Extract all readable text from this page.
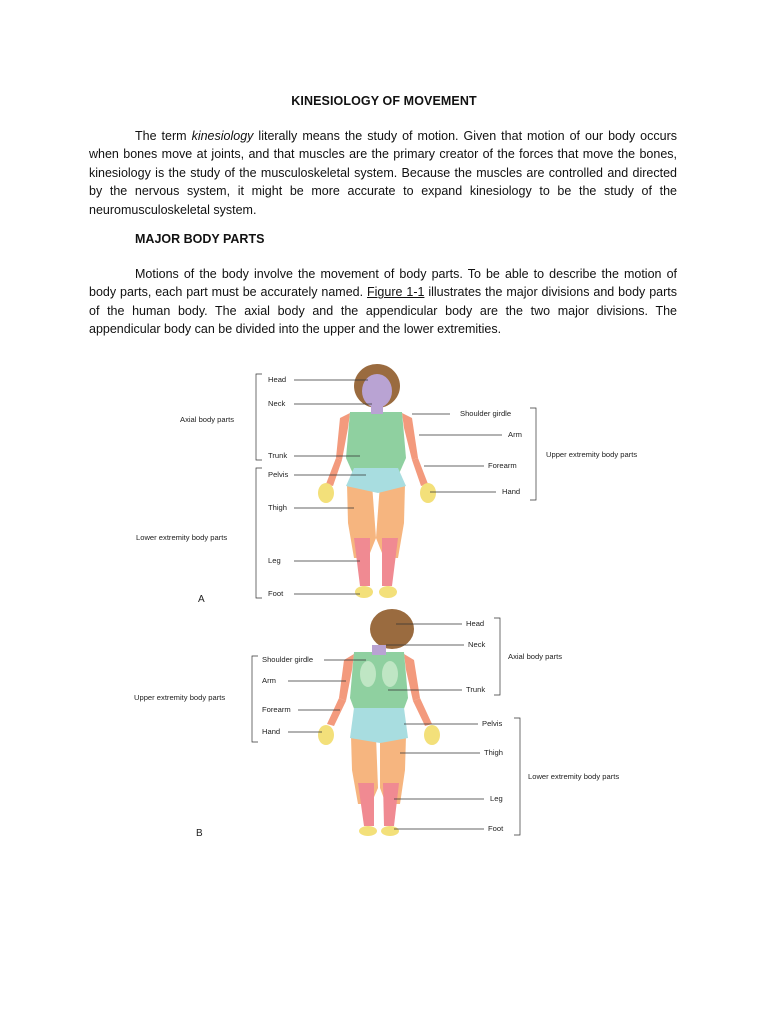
KINESIOLOGY OF MOVEMENT

The term kinesiology literally means the study of motion. Given that motion of our body occurs when bones move at joints, and that muscles are the primary creator of the forces that move the bones, kinesiology is the study of the musculoskeletal system. Because the muscles are controlled and directed by the nervous system, it might be more accurate to expand kinesiology to be the study of the neuromusculoskeletal system.

MAJOR BODY PARTS

Motions of the body involve the movement of body parts. To be able to describe the motion of body parts, each part must be accurately named. Figure 1-1 illustrates the major divisions and body parts of the human body. The axial body and the appendicular body are the two major divisions. The appendicular body can be divided into the upper and the lower extremities.

Head
Neck
Trunk
Pelvis
Thigh
Leg
Foot
Axial body parts
Lower extremity body parts
Shoulder girdle
Arm
Forearm
Hand
Upper extremity body parts
A
Head
Neck
Trunk
Axial body parts
Pelvis
Thigh
Leg
Foot
Lower extremity body parts
Shoulder girdle
Arm
Forearm
Hand
Upper extremity body parts
B
